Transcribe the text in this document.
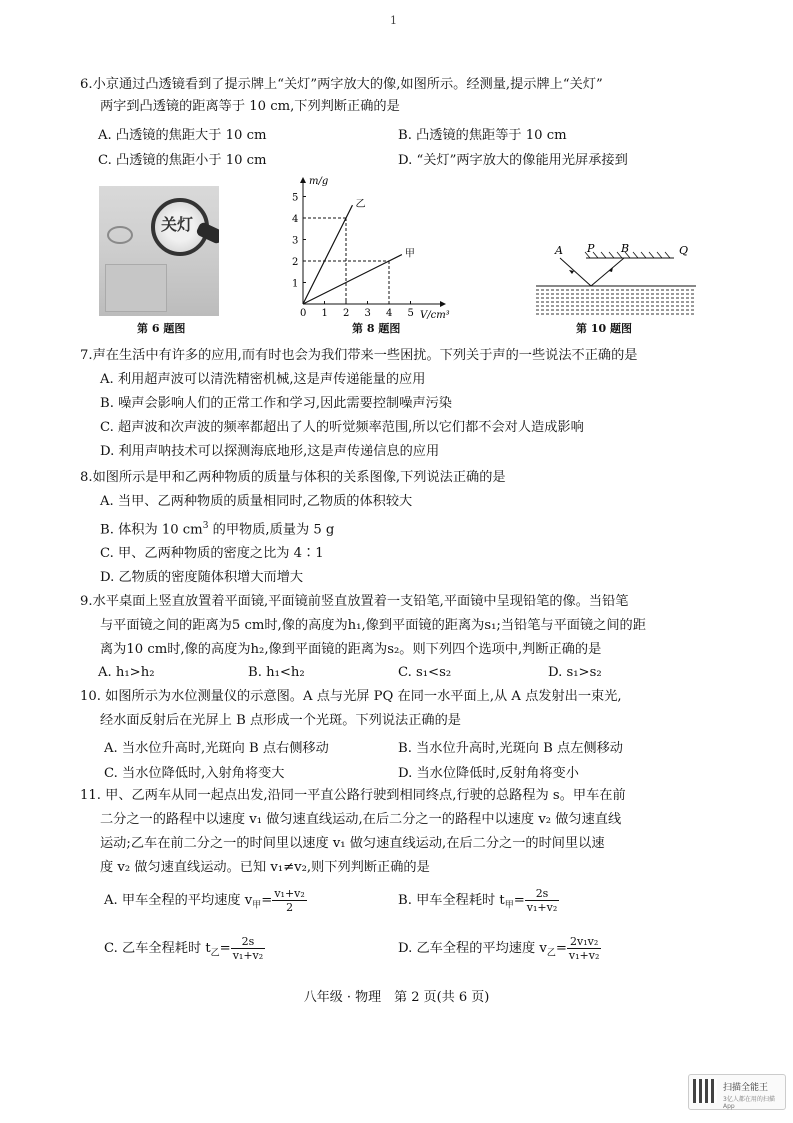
1
6.小京通过凸透镜看到了提示牌上“关灯”两字放大的像,如图所示。经测量,提示牌上“关灯”
两字到凸透镜的距离等于 10 cm,下列判断正确的是
A. 凸透镜的焦距大于 10 cm	B. 凸透镜的焦距等于 10 cm
C. 凸透镜的焦距小于 10 cm	D. “关灯”两字放大的像能用光屏承接到
关灯
第 6 题图
m/g
V/cm³
0 1 2 3 4 5
1
2
3
4
5
乙
甲
第 8 题图
A P B	Q
第 10 题图
7.声在生活中有许多的应用,而有时也会为我们带来一些困扰。下列关于声的一些说法不正确的是
A. 利用超声波可以清洗精密机械,这是声传递能量的应用
B. 噪声会影响人们的正常工作和学习,因此需要控制噪声污染
C. 超声波和次声波的频率都超出了人的听觉频率范围,所以它们都不会对人造成影响
D. 利用声呐技术可以探测海底地形,这是声传递信息的应用
8.如图所示是甲和乙两种物质的质量与体积的关系图像,下列说法正确的是
A. 当甲、乙两种物质的质量相同时,乙物质的体积较大
B. 体积为 10 $cm^3$ 的甲物质,质量为 5 g
C. 甲、乙两种物质的密度之比为 4∶1
D. 乙物质的密度随体积增大而增大
9.水平桌面上竖直放置着平面镜,平面镜前竖直放置着一支铅笔,平面镜中呈现铅笔的像。当铅笔
与平面镜之间的距离为5 cm时,像的高度为h₁,像到平面镜的距离为s₁;当铅笔与平面镜之间的距
离为10 cm时,像的高度为h₂,像到平面镜的距离为s₂。则下列四个选项中,判断正确的是
A. h₁>h₂	B. h₁<h₂	C. s₁<s₂	D. s₁>s₂
10. 如图所示为水位测量仪的示意图。A 点与光屏 PQ 在同一水平面上,从 A 点发射出一束光,
经水面反射后在光屏上 B 点形成一个光斑。下列说法正确的是
A. 当水位升高时,光斑向 B 点右侧移动	B. 当水位升高时,光斑向 B 点左侧移动
C. 当水位降低时,入射角将变大	D. 当水位降低时,反射角将变小
11. 甲、乙两车从同一起点出发,沿同一平直公路行驶到相同终点,行驶的总路程为 s。甲车在前
二分之一的路程中以速度 v₁ 做匀速直线运动,在后二分之一的路程中以速度 v₂ 做匀速直线
运动;乙车在前二分之一的时间里以速度 v₁ 做匀速直线运动,在后二分之一的时间里以速
度 v₂ 做匀速直线运动。已知 v₁≠v₂,则下列判断正确的是
A. 甲车全程的平均速度 $v_甲= \frac{\text{v₁+v₂}}{2}$	B. 甲车全程耗时 $t_甲= \frac{2s}{\text{v₁+v₂}}$
C. 乙车全程耗时 $t_乙= \frac{2s}{\text{v₁+v₂}}$	D. 乙车全程的平均速度 $v_乙= \frac{\text{2v₁v₂}}{\text{v₁+v₂}}$
八年级 · 物理　第 2 页(共 6 页)
扫描全能王
3亿人都在用的扫描App
